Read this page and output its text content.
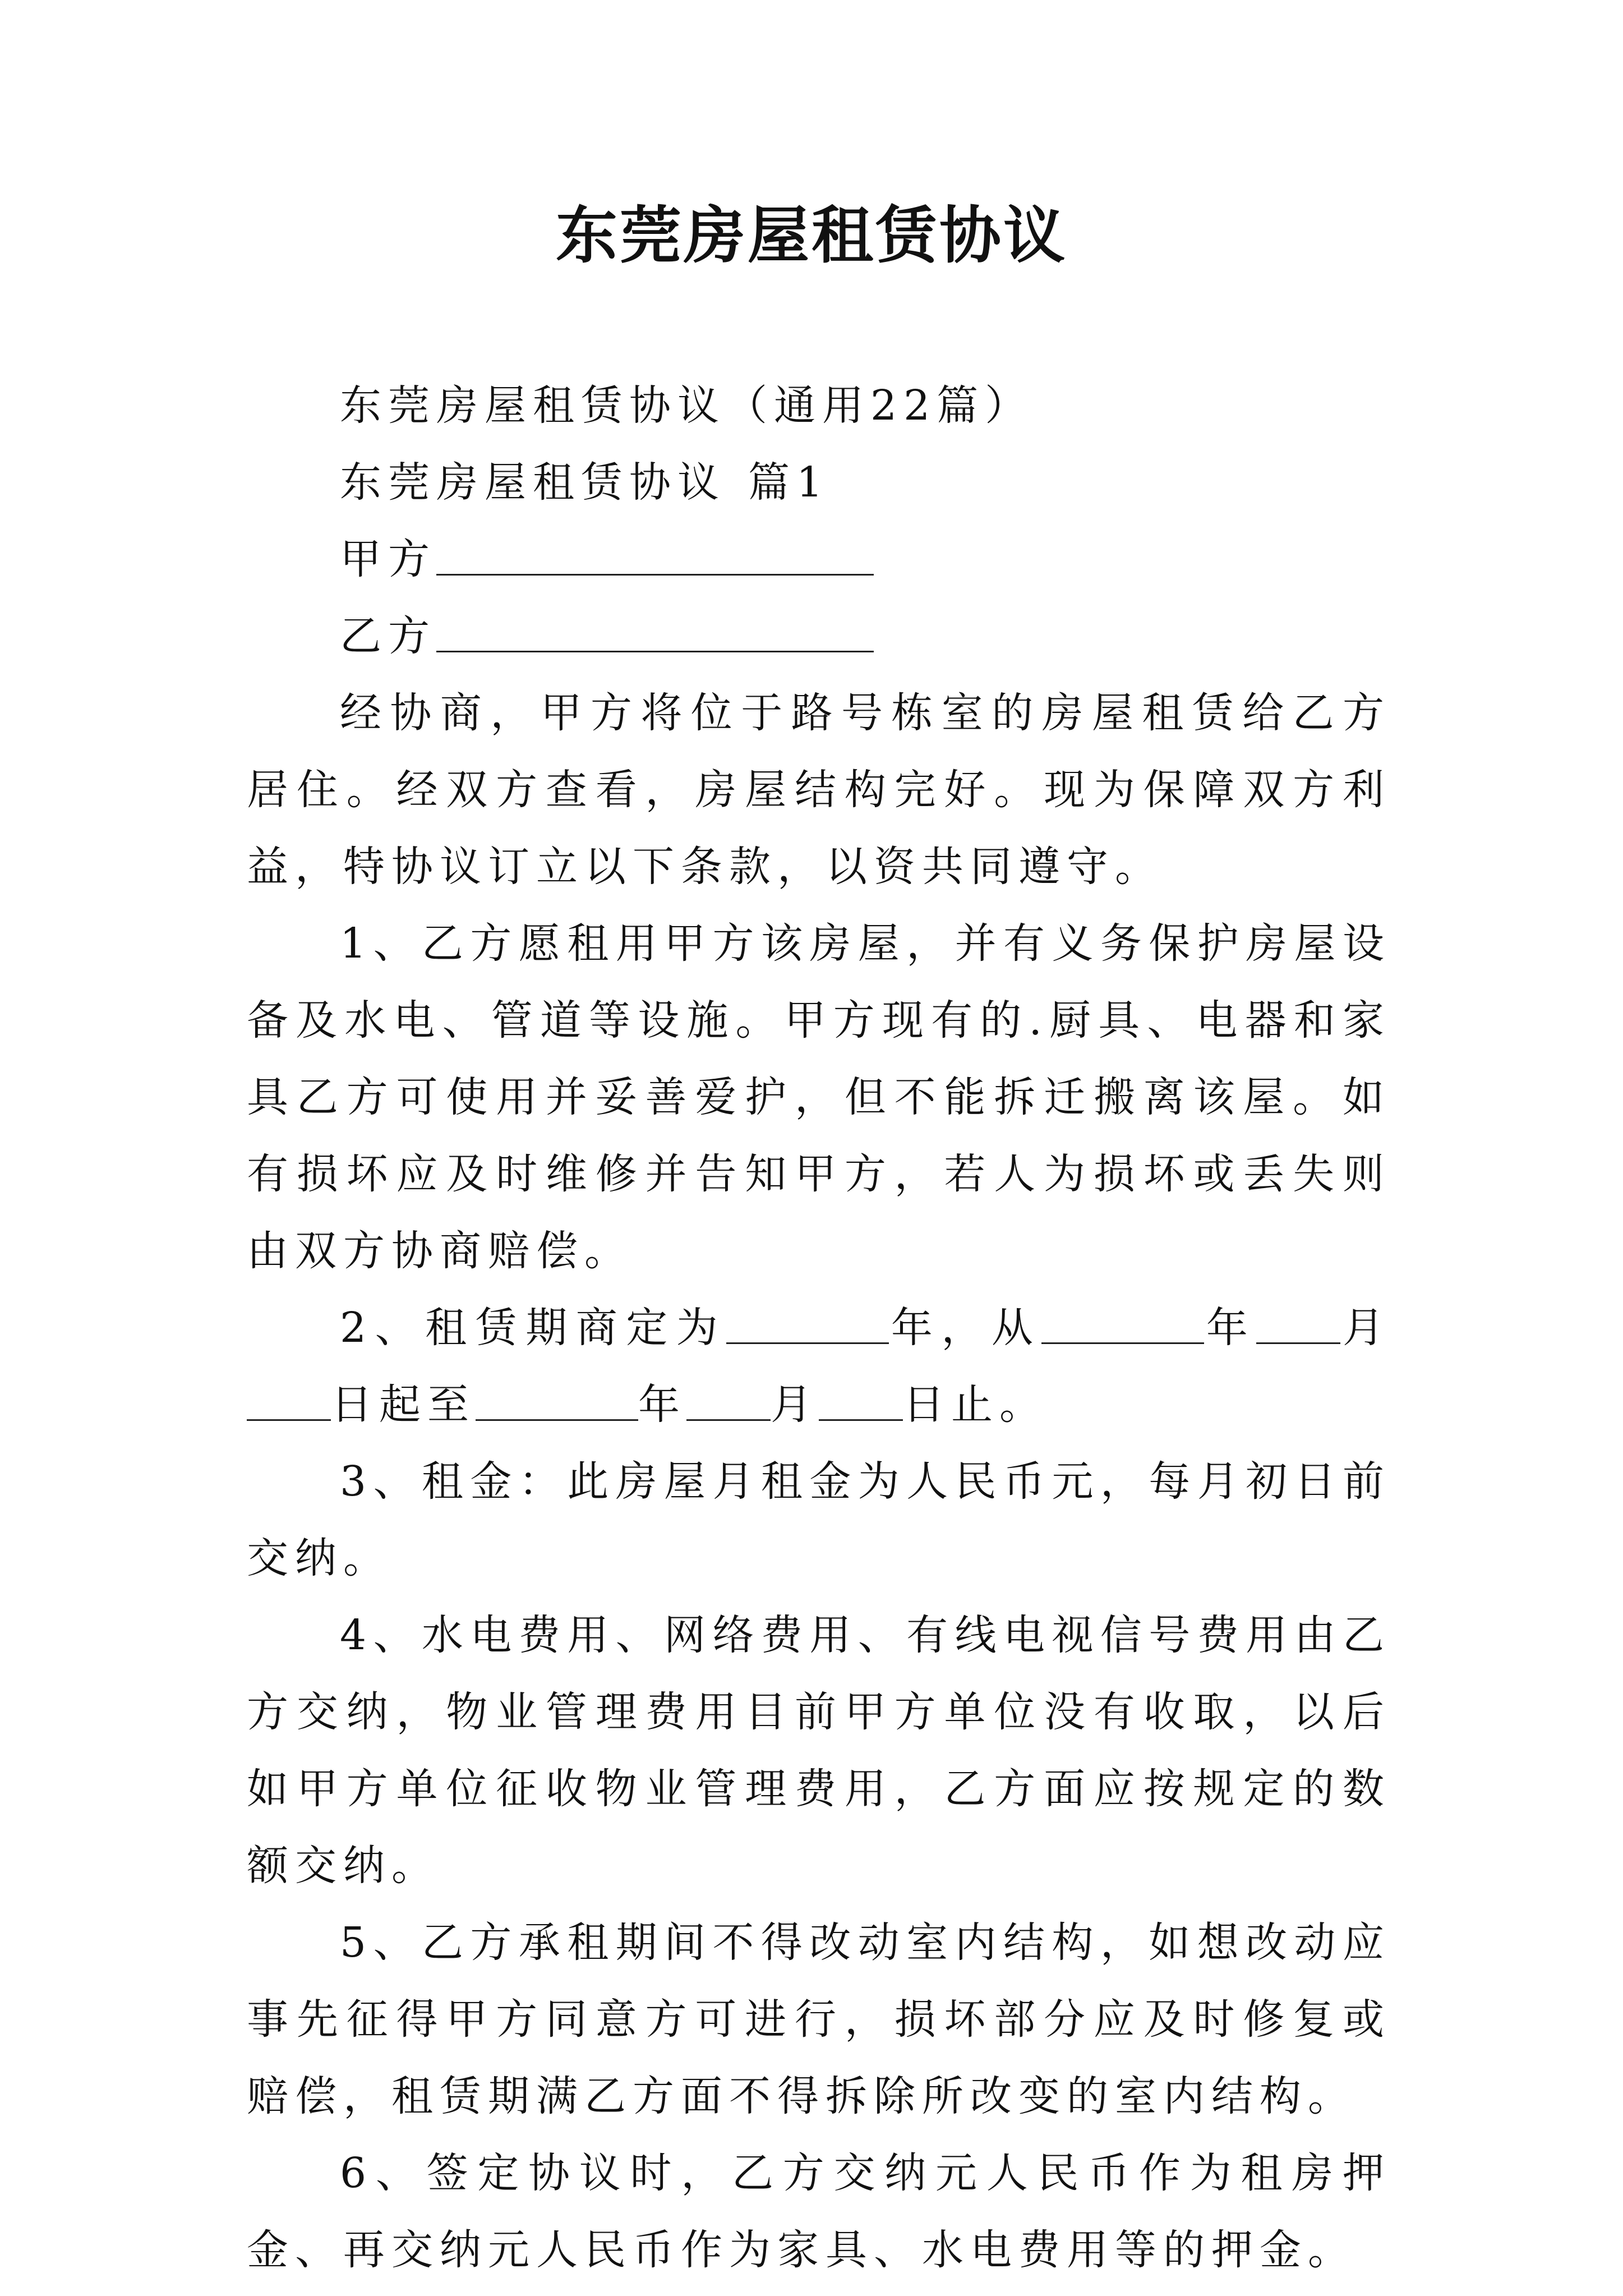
东莞房屋租赁协议

东莞房屋租赁协议（通用22篇）

东莞房屋租赁协议 篇1

甲方

乙方

经协商，甲方将位于路号栋室的房屋租赁给乙方居住。经双方查看，房屋结构完好。现为保障双方利益，特协议订立以下条款，以资共同遵守。

1、乙方愿租用甲方该房屋，并有义务保护房屋设备及水电、管道等设施。甲方现有的.厨具、电器和家具乙方可使用并妥善爱护，但不能拆迁搬离该屋。如有损坏应及时维修并告知甲方，若人为损坏或丢失则由双方协商赔偿。

2、租赁期商定为	年，从	年 月日起至	年 月 日止。

3、租金：此房屋月租金为人民币元，每月初日前交纳。

4、水电费用、网络费用、有线电视信号费用由乙方交纳，物业管理费用目前甲方单位没有收取，以后如甲方单位征收物业管理费用，乙方面应按规定的数额交纳。

5、乙方承租期间不得改动室内结构，如想改动应事先征得甲方同意方可进行，损坏部分应及时修复或赔偿，租赁期满乙方面不得拆除所改变的室内结构。

6、签定协议时，乙方交纳元人民币作为租房押金、再交纳元人民币作为家具、水电费用等的押金。
